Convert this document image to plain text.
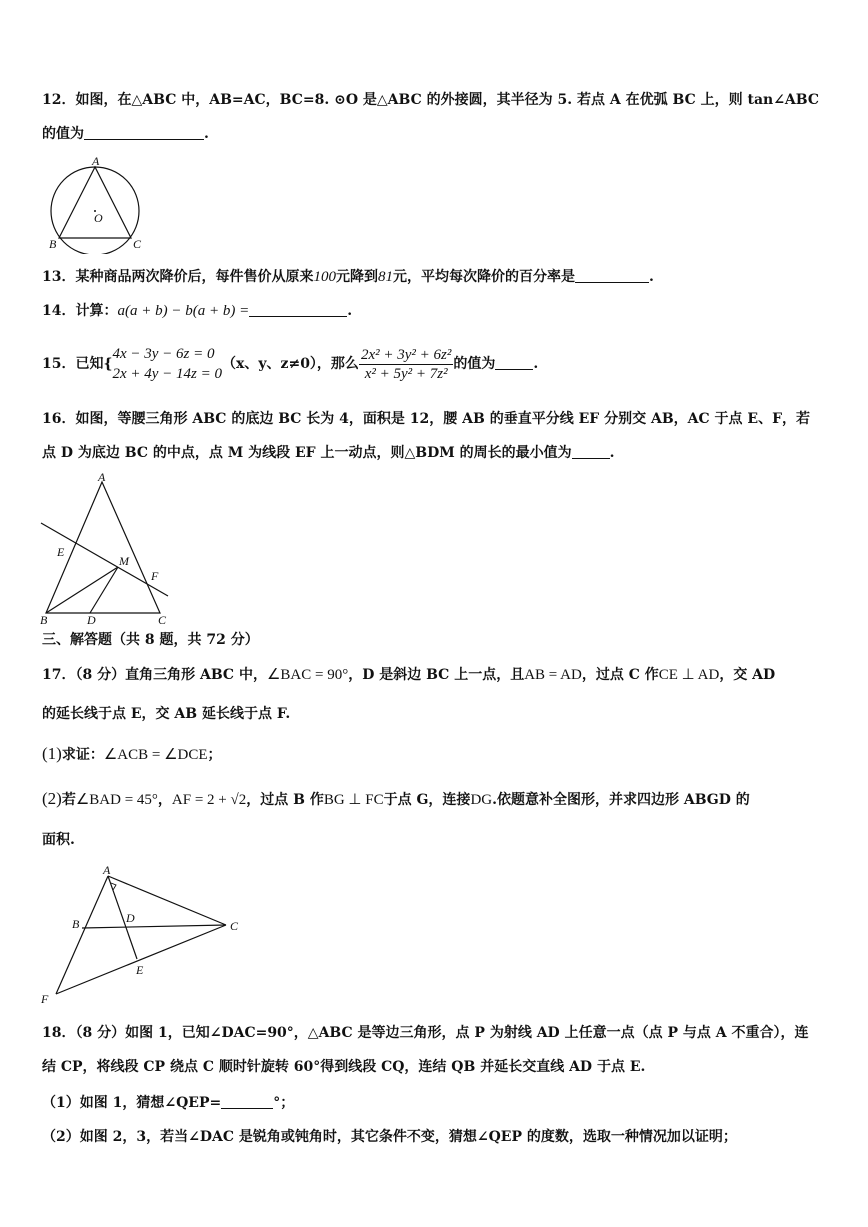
12．如图，在△ABC 中，AB=AC，BC=8. ⊙O 是△ABC 的外接圆，其半径为 5. 若点 A 在优弧 BC 上，则 tan∠ABC
的值为	.
A
B	C
O
13．某种商品两次降价后，每件售价从原来100元降到81元，平均每次降价的百分率是	.
14．计算：a(a + b) − b(a + b) =	.
15．已知{
4x − 3y − 6z = 0
2x + 4y − 14z = 0
（x、y、z≠0），那么 $\frac{\text{2x² + 3y² + 6z²}}{\text{x² + 5y² + 7z²}}$ 的值为	.
16．如图，等腰三角形 ABC 的底边 BC 长为 4，面积是 12，腰 AB 的垂直平分线 EF 分别交 AB，AC 于点 E、F，若
点 D 为底边 BC 的中点，点 M 为线段 EF 上一动点，则△BDM 的周长的最小值为	.
A
B	C
D
E
F
M
三、解答题（共 8 题，共 72 分）
17．（8 分）直角三角形 ABC 中，∠BAC = 90°，D 是斜边 BC 上一点，且AB = AD，过点 C 作CE ⊥ AD，交 AD
的延长线于点 E，交 AB 延长线于点 F.
(1)求证：∠ACB = ∠DCE；
(2)若∠BAD = 45°，AF = 2 + √2，过点 B 作BG ⊥ FC于点 G，连接DG.依题意补全图形，并求四边形 ABGD 的
面积.
A
B	C
D
E
F
18．（8 分）如图 1，已知∠DAC=90°，△ABC 是等边三角形，点 P 为射线 AD 上任意一点（点 P 与点 A 不重合），连
结 CP，将线段 CP 绕点 C 顺时针旋转 60°得到线段 CQ，连结 QB 并延长交直线 AD 于点 E.
（1）如图 1，猜想∠QEP=	°；
（2）如图 2，3，若当∠DAC 是锐角或钝角时，其它条件不变，猜想∠QEP 的度数，选取一种情况加以证明；
